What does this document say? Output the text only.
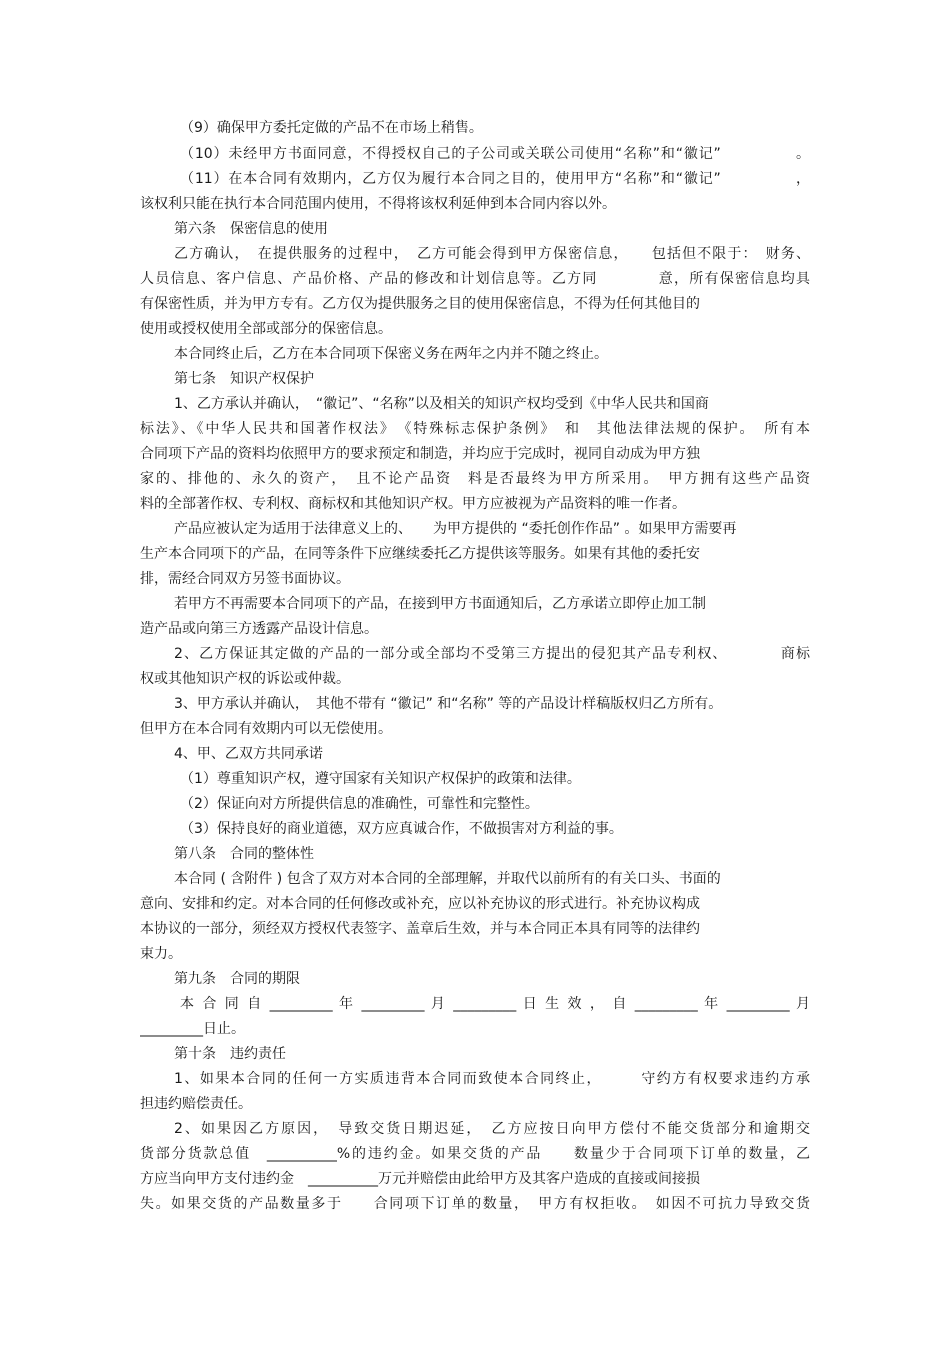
（9）确保甲方委托定做的产品不在市场上稍售。
（10）未经甲方书面同意，不得授权自己的子公司或关联公司使用“名称”和“徽记”　　　　　。
（11）在本合同有效期内，乙方仅为履行本合同之目的，使用甲方“名称”和“徽记”　　　　　，
该权利只能在执行本合同范围内使用，不得将该权利延伸到本合同内容以外。
第六条　保密信息的使用
乙方确认，　在提供服务的过程中，　乙方可能会得到甲方保密信息，　　包括但不限于：　财务、
人员信息、客户信息、产品价格、产品的修改和计划信息等。乙方同　　　　意，所有保密信息均具
有保密性质，并为甲方专有。乙方仅为提供服务之目的使用保密信息，不得为任何其他目的
使用或授权使用全部或部分的保密信息。
本合同终止后，乙方在本合同项下保密义务在两年之内并不随之终止。
第七条　知识产权保护
1、乙方承认并确认，　“徽记”、“名称”以及相关的知识产权均受到《中华人民共和国商
标法》、《中华人民共和国著作权法》　《特殊标志保护条例》　和　其他法律法规的保护。　所有本
合同项下产品的资料均依照甲方的要求预定和制造，并均应于完成时，视同自动成为甲方独
家的、排他的、永久的资产，　且不论产品资　料是否最终为甲方所采用。　甲方拥有这些产品资
料的全部著作权、专利权、商标权和其他知识产权。甲方应被视为产品资料的唯一作者。
产品应被认定为适用于法律意义上的、　　为甲方提供的 “委托创作作品” 。如果甲方需要再
生产本合同项下的产品，在同等条件下应继续委托乙方提供该等服务。如果有其他的委托安
排，需经合同双方另签书面协议。
若甲方不再需要本合同项下的产品，在接到甲方书面通知后，乙方承诺立即停止加工制
造产品或向第三方透露产品设计信息。
2、乙方保证其定做的产品的一部分或全部均不受第三方提出的侵犯其产品专利权、　　　　商标
权或其他知识产权的诉讼或仲裁。
3、甲方承认并确认，　其他不带有 “徽记” 和“名称” 等的产品设计样稿版权归乙方所有。
但甲方在本合同有效期内可以无偿使用。
4、甲、乙双方共同承诺
（1）尊重知识产权，遵守国家有关知识产权保护的政策和法律。
（2）保证向对方所提供信息的准确性，可靠性和完整性。
（3）保持良好的商业道德，双方应真诚合作，不做损害对方利益的事。
第八条　合同的整体性
本合同 ( 含附件 ) 包含了双方对本合同的全部理解，并取代以前所有的有关口头、书面的
意向、安排和约定。对本合同的任何修改或补充，应以补充协议的形式进行。补充协议构成
本协议的一部分，须经双方授权代表签字、盖章后生效，并与本合同正本具有同等的法律约
束力。
第九条　合同的期限
本 合 同 自 _________ 年 _________ 月 _________ 日 生 效 ， 自 _________ 年 _________ 月
_________日止。
第十条　违约责任
1、如果本合同的任何一方实质违背本合同而致使本合同终止，　　　守约方有权要求违约方承
担违约赔偿责任。
2、如果因乙方原因，　导致交货日期迟延，　乙方应按日向甲方偿付不能交货部分和逾期交
货部分货款总值　__________%的违约金。如果交货的产品　　数量少于合同项下订单的数量，乙
方应当向甲方支付违约金　__________万元并赔偿由此给甲方及其客户造成的直接或间接损
失。如果交货的产品数量多于　　合同项下订单的数量，　甲方有权拒收。　如因不可抗力导致交货
